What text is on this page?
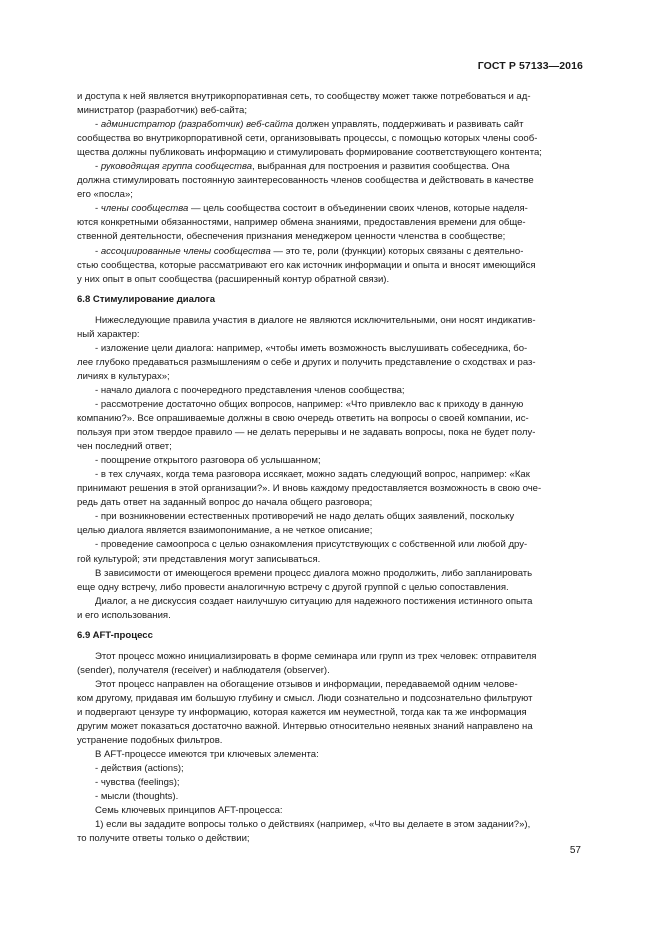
ГОСТ Р 57133—2016
и доступа к ней является внутрикорпоративная сеть, то сообществу может также потребоваться и ад-
министратор (разработчик) веб-сайта;
- администратор (разработчик) веб-сайта должен управлять, поддерживать и развивать сайт
сообщества во внутрикорпоративной сети, организовывать процессы, с помощью которых члены сооб-
щества должны публиковать информацию и стимулировать формирование соответствующего контента;
- руководящая группа сообщества, выбранная для построения и развития сообщества. Она
должна стимулировать постоянную заинтересованность членов сообщества и действовать в качестве
его «посла»;
- члены сообщества — цель сообщества состоит в объединении своих членов, которые наделя-
ются конкретными обязанностями, например обмена знаниями, предоставления времени для обще-
ственной деятельности, обеспечения признания менеджером ценности членства в сообществе;
- ассоциированные члены сообщества — это те, роли (функции) которых связаны с деятельно-
стью сообщества, которые рассматривают его как источник информации и опыта и вносят имеющийся
у них опыт в опыт сообщества (расширенный контур обратной связи).
6.8 Стимулирование диалога
Нижеследующие правила участия в диалоге не являются исключительными, они носят индикатив-
ный характер:
- изложение цели диалога: например, «чтобы иметь возможность выслушивать собеседника, бо-
лее глубоко предаваться размышлениям о себе и других и получить представление о сходствах и раз-
личиях в культурах»;
- начало диалога с поочередного представления членов сообщества;
- рассмотрение достаточно общих вопросов, например: «Что привлекло вас к приходу в данную
компанию?». Все опрашиваемые должны в свою очередь ответить на вопросы о своей компании, ис-
пользуя при этом твердое правило — не делать перерывы и не задавать вопросы, пока не будет полу-
чен последний ответ;
- поощрение открытого разговора об услышанном;
- в тех случаях, когда тема разговора иссякает, можно задать следующий вопрос, например: «Как
принимают решения в этой организации?». И вновь каждому предоставляется возможность в свою оче-
редь дать ответ на заданный вопрос до начала общего разговора;
- при возникновении естественных противоречий не надо делать общих заявлений, поскольку
целью диалога является взаимопонимание, а не четкое описание;
- проведение самоопроса с целью ознакомления присутствующих с собственной или любой дру-
гой культурой; эти представления могут записываться.
В зависимости от имеющегося времени процесс диалога можно продолжить, либо запланировать
еще одну встречу, либо провести аналогичную встречу с другой группой с целью сопоставления.
Диалог, а не дискуссия создает наилучшую ситуацию для надежного постижения истинного опыта
и его использования.
6.9 AFT-процесс
Этот процесс можно инициализировать в форме семинара или групп из трех человек: отправителя
(sender), получателя (receiver) и наблюдателя (observer).
Этот процесс направлен на обогащение отзывов и информации, передаваемой одним челове-
ком другому, придавая им большую глубину и смысл. Люди сознательно и подсознательно фильтруют
и подвергают цензуре ту информацию, которая кажется им неуместной, тогда как та же информация
другим может показаться достаточно важной. Интервью относительно неявных знаний направлено на
устранение подобных фильтров.
В AFT-процессе имеются три ключевых элемента:
- действия (actions);
- чувства (feelings);
- мысли (thoughts).
Семь ключевых принципов AFT-процесса:
1) если вы зададите вопросы только о действиях (например, «Что вы делаете в этом задании?»),
то получите ответы только о действии;
57
